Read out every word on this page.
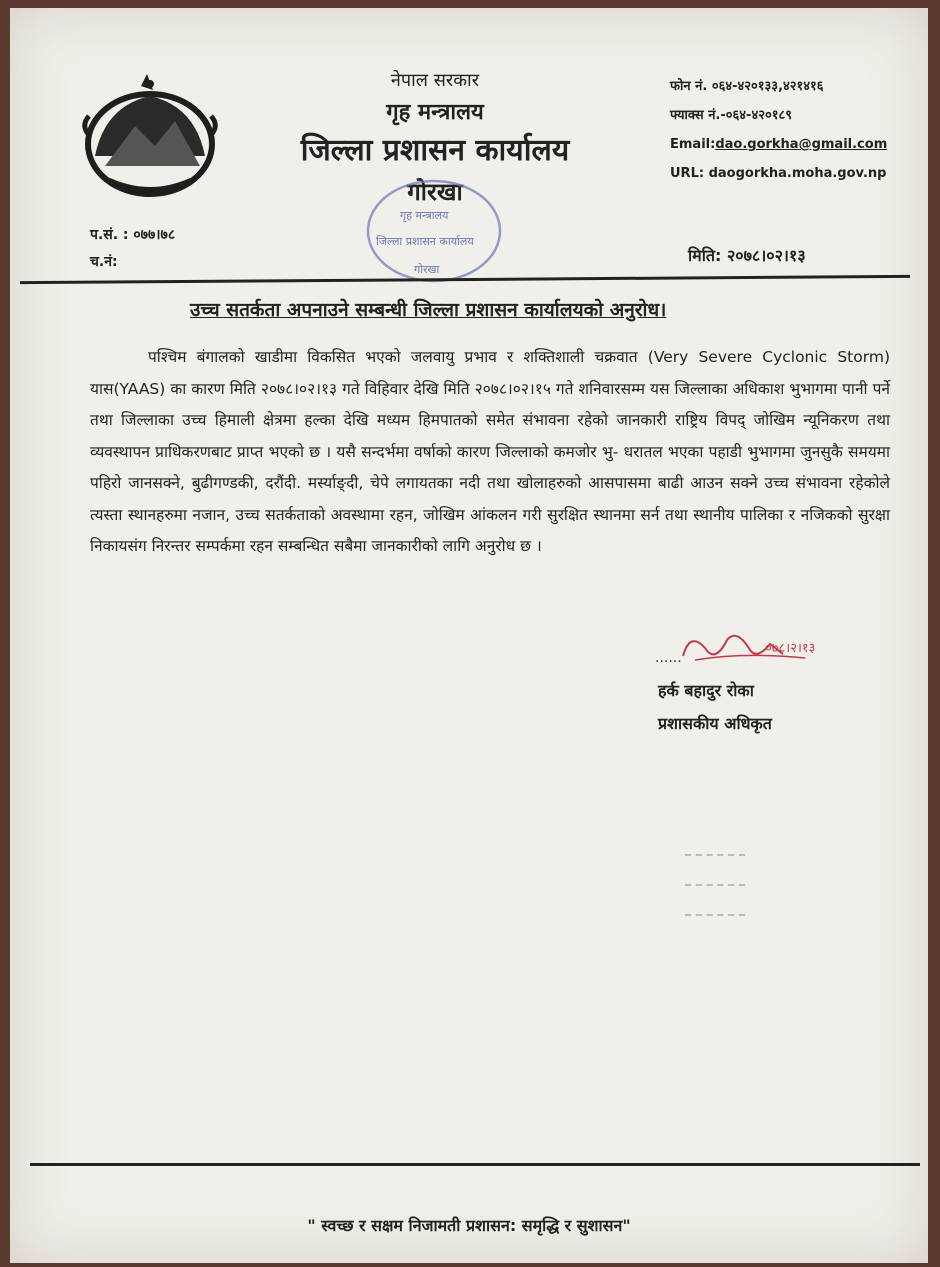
नेपाल सरकार
गृह मन्त्रालय
जिल्ला प्रशासन कार्यालय
गोरखा
गृह मन्त्रालय
जिल्ला प्रशासन कार्यालय
गोरखा
फोन नं. ०६४-४२०१३३,४२१४१६
फ्याक्स नं.-०६४-४२०१८९
Email:dao.gorkha@gmail.com
URL: daogorkha.moha.gov.np
प.सं. : ०७७।७८
च.नं:	मिति: २०७८।०२।१३
उच्च सतर्कता अपनाउने सम्बन्धी जिल्ला प्रशासन कार्यालयको अनुरोध।
पश्चिम बंगालको खाडीमा विकसित भएको जलवायु प्रभाव र शक्तिशाली चक्रवात (Very Severe Cyclonic Storm) यास(YAAS) का कारण मिति २०७८।०२।१३ गते विहिवार देखि मिति २०७८।०२।१५ गते शनिवारसम्म यस जिल्लाका अधिकाश भुभागमा पानी पर्ने तथा जिल्लाका उच्च हिमाली क्षेत्रमा हल्का देखि मध्यम हिमपातको समेत संभावना रहेको जानकारी राष्ट्रिय विपद् जोखिम न्यूनिकरण तथा व्यवस्थापन प्राधिकरणबाट प्राप्त भएको छ । यसै सन्दर्भमा वर्षाको कारण जिल्लाको कमजोर भु- धरातल भएका पहाडी भुभागमा जुनसुकै समयमा पहिरो जानसक्ने, बुढीगण्डकी, दरौंदी. मर्स्याङ्दी, चेपे लगायतका नदी तथा खोलाहरुको आसपासमा बाढी आउन सक्ने उच्च संभावना रहेकोले त्यस्ता स्थानहरुमा नजान, उच्च सतर्कताको अवस्थामा रहन, जोखिम आंकलन गरी सुरक्षित स्थानमा सर्न तथा स्थानीय पालिका र नजिकको सुरक्षा निकायसंग निरन्तर सम्पर्कमा रहन सम्बन्धित सबैमा जानकारीको लागि अनुरोध छ ।
......
०७८।२।१३
हर्क बहादुर रोका
प्रशासकीय अधिकृत
" स्वच्छ र सक्षम निजामती प्रशासन: समृद्धि र सुशासन"
